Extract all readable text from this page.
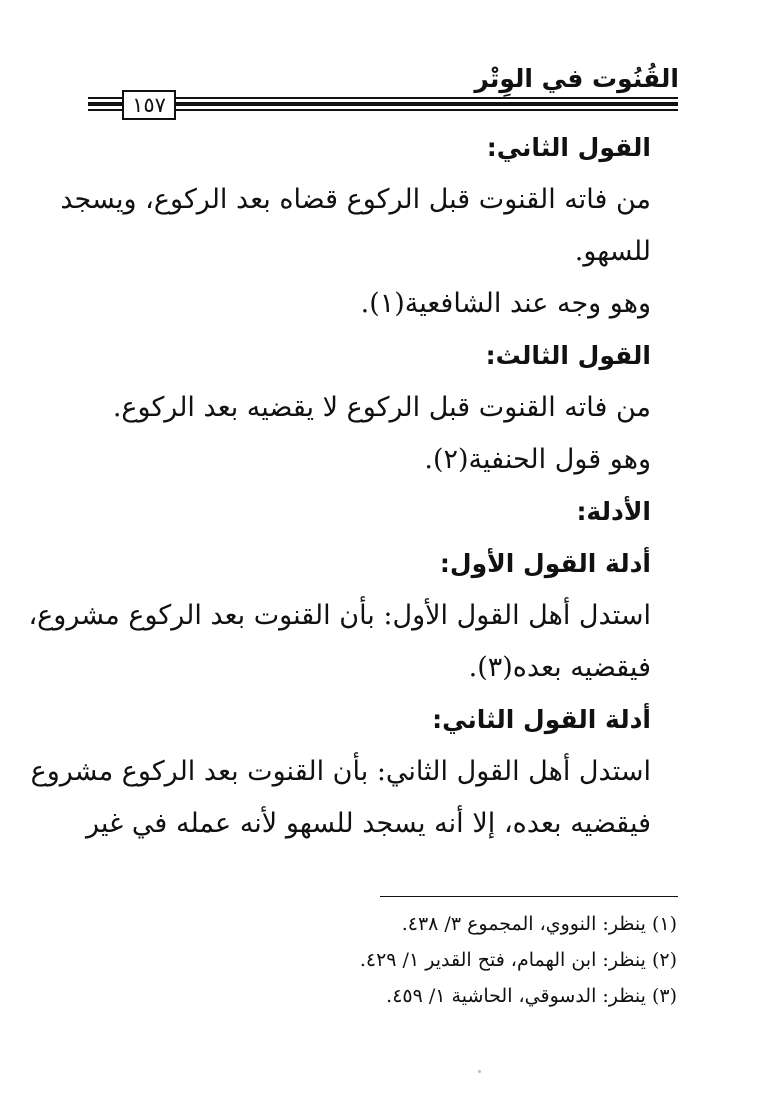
القُنُوت في الوِتْر
١٥٧
القول الثاني:
من فاته القنوت قبل الركوع قضاه بعد الركوع، ويسجد
للسهو.
وهو وجه عند الشافعية(١).
القول الثالث:
من فاته القنوت قبل الركوع لا يقضيه بعد الركوع.
وهو قول الحنفية(٢).
الأدلة:
أدلة القول الأول:
استدل أهل القول الأول: بأن القنوت بعد الركوع مشروع،
فيقضيه بعده(٣).
أدلة القول الثاني:
استدل أهل القول الثاني: بأن القنوت بعد الركوع مشروع
فيقضيه بعده، إلا أنه يسجد للسهو لأنه عمله في غير
(١) ينظر: النووي، المجموع ٣/ ٤٣٨.
(٢) ينظر: ابن الهمام، فتح القدير ١/ ٤٢٩.
(٣) ينظر: الدسوقي، الحاشية ١/ ٤٥٩.
